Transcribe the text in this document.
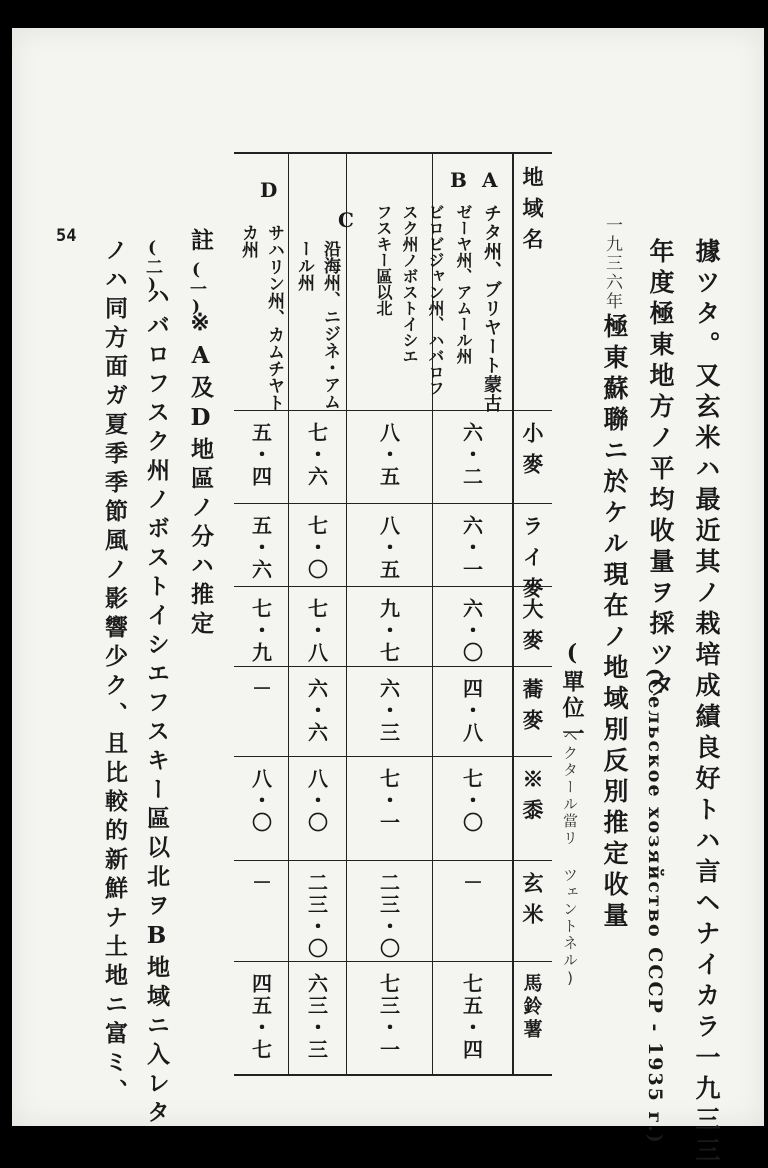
據ツタ。又玄米ハ最近其ノ栽培成績良好トハ言ヘナイカラ一九三三
年度極東地方ノ平均收量ヲ採ツタ
(Сельское хозяйство СССР - 1935 г.)
一九三六年
極東蘇聯ニ於ケル現在ノ地域別反別推定收量
(單位一
ヘクタール當リ ツェントネル)
地域名
小麥
ライ麥
大麥
蕎麥
※黍
玄米
馬鈴薯
A
チタ州、ブリヤート蒙古
六・二
六・一
六・〇
四・八
七・〇
－
七五・四
B
ゼーヤ州、アムール州
ビロビジャン州、ハバロフ
スク州ノボストイシエ
フスキー區以北
八・五
八・五
九・七
六・三
七・一
二三・〇
七三・一
C
沿海州、ニジネ・アム
ール州
七・六
七・〇
七・八
六・六
八・〇
二三・〇
六三・三
D
サハリン州、カムチヤト
カ州
五・四
五・六
七・九
－
八・〇
－
四五・七
註
(一)
※A及D地區ノ分ハ推定
(二)
ハバロフスク州ノボストイシエフスキー區以北ヲB地域ニ入レタ
ノハ同方面ガ夏季季節風ノ影響少ク、且比較的新鮮ナ土地ニ富ミ、
54
